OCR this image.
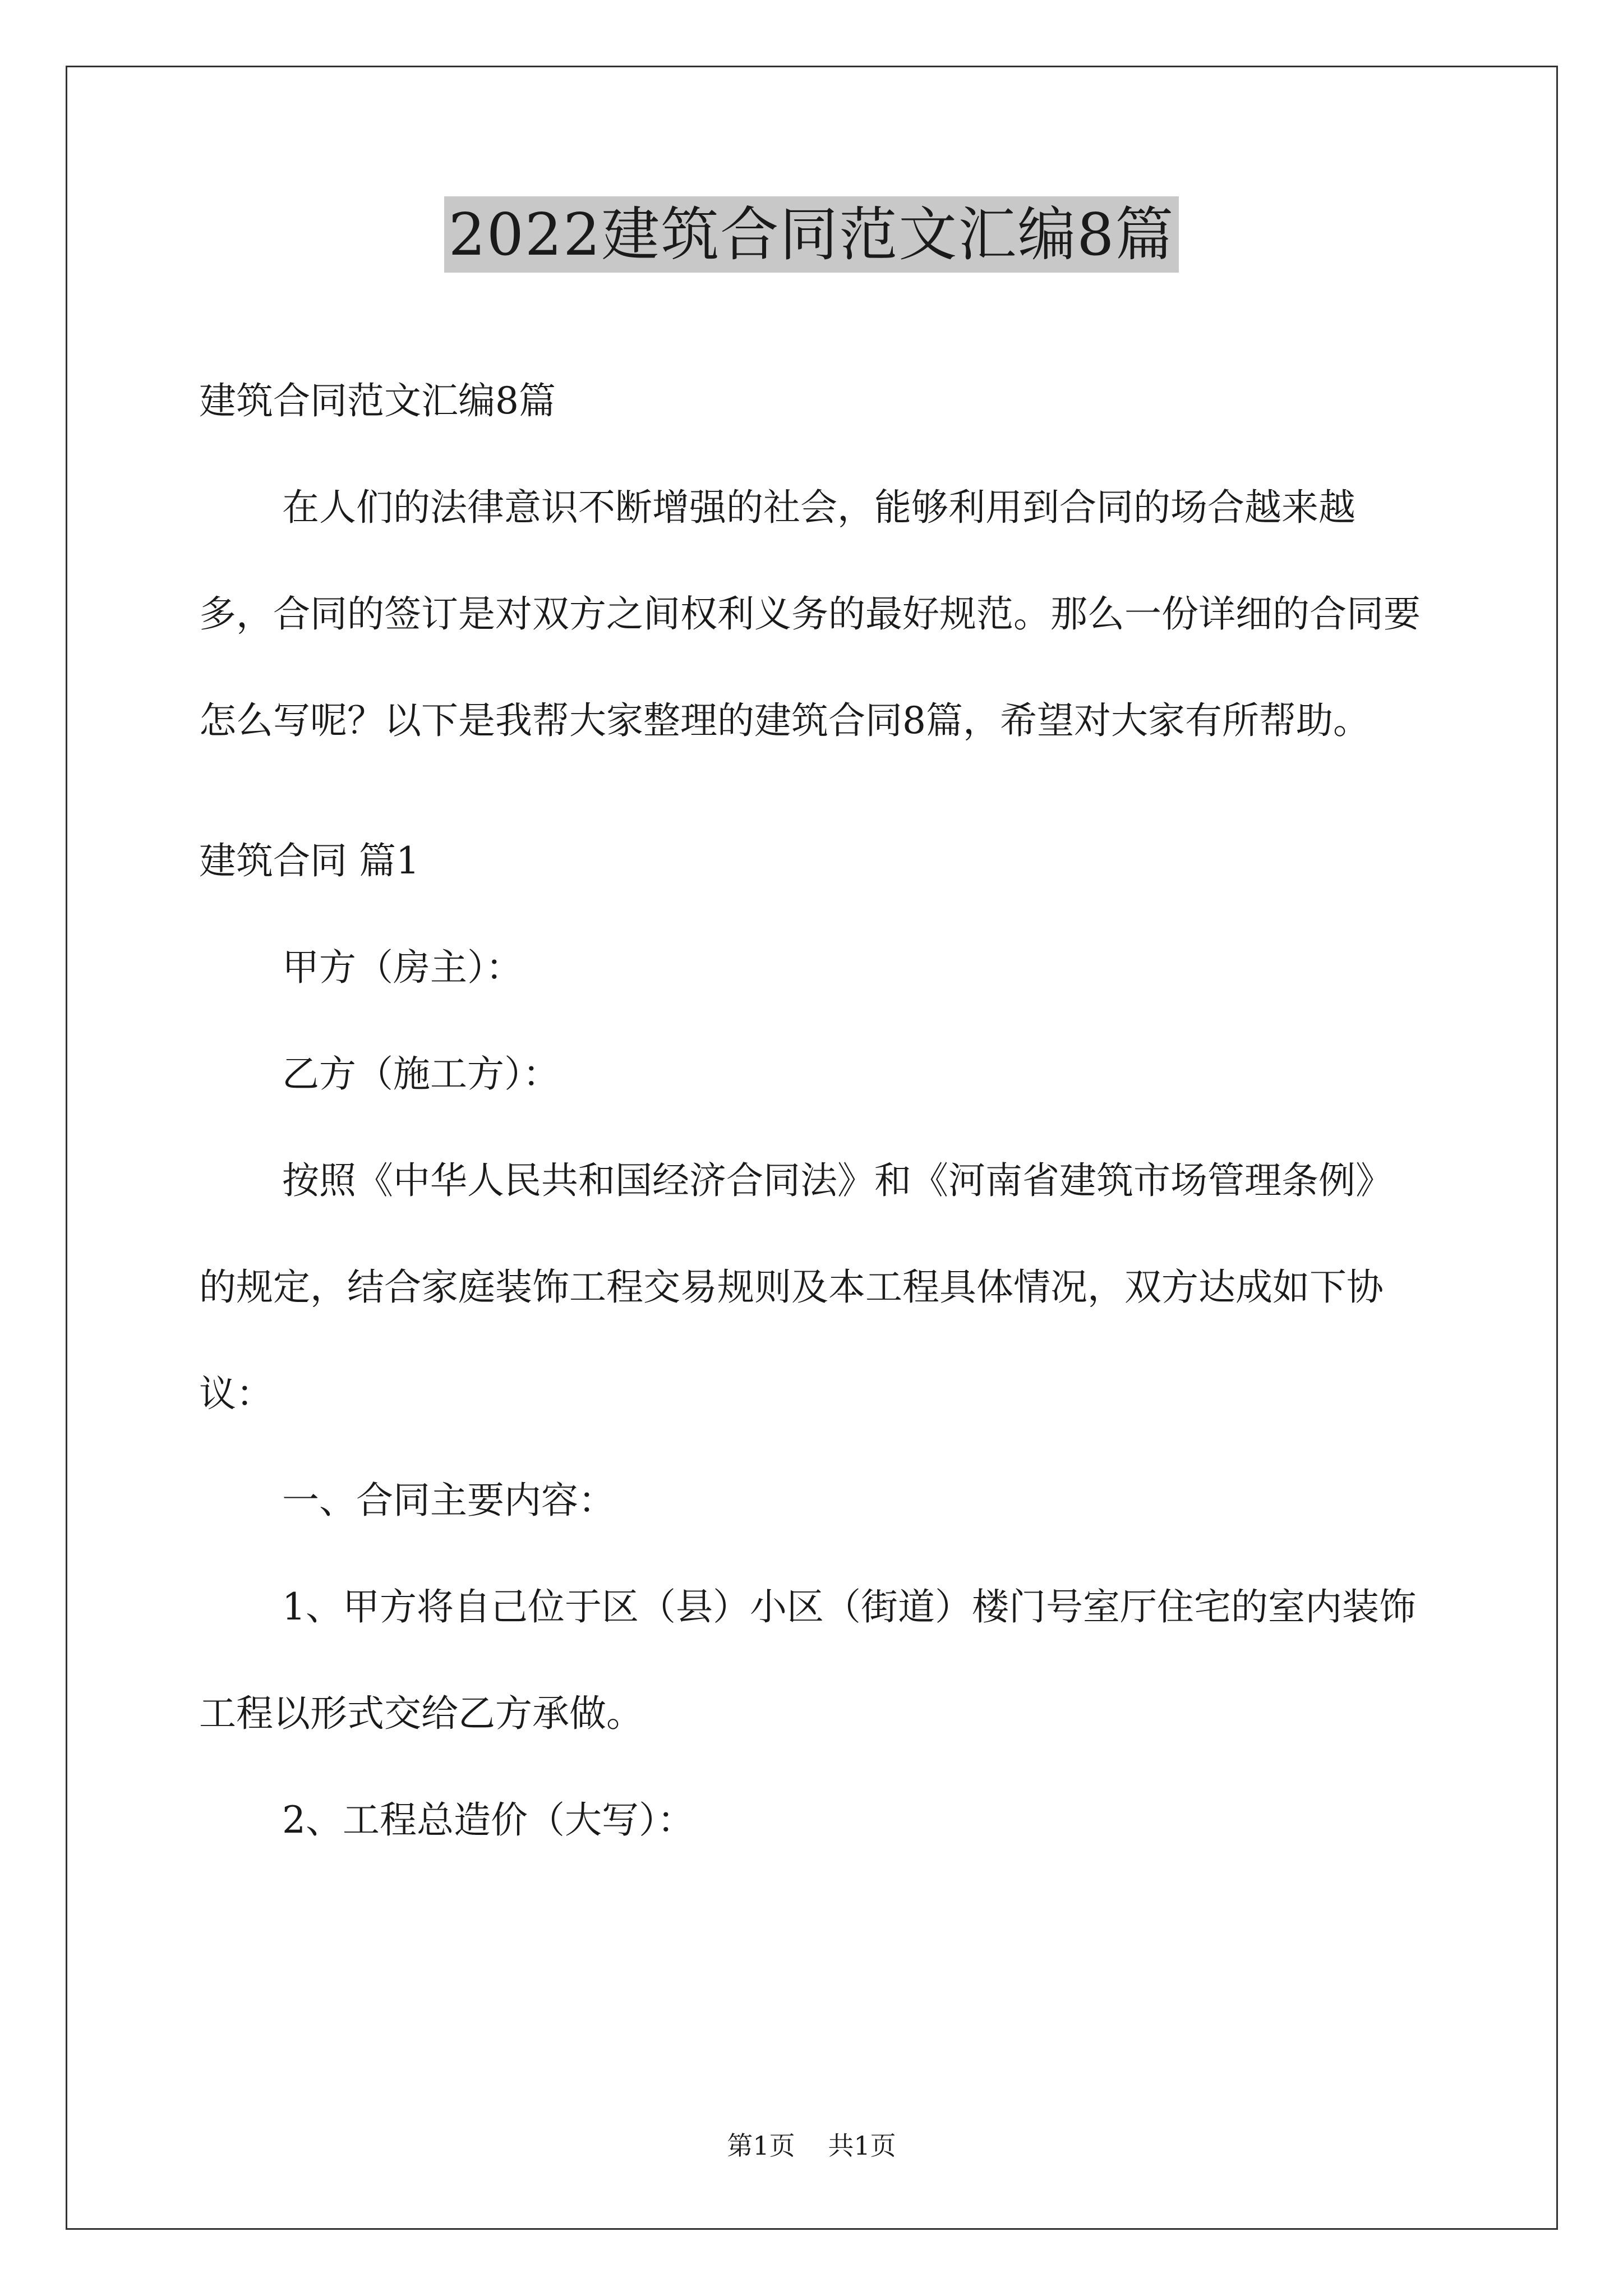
2022建筑合同范文汇编8篇

建筑合同范文汇编8篇

在人们的法律意识不断增强的社会，能够利用到合同的场合越来越多，合同的签订是对双方之间权利义务的最好规范。那么一份详细的合同要怎么写呢？以下是我帮大家整理的建筑合同8篇，希望对大家有所帮助。

建筑合同 篇1

甲方（房主）：

乙方（施工方）：

按照《中华人民共和国经济合同法》和《河南省建筑市场管理条例》的规定，结合家庭装饰工程交易规则及本工程具体情况，双方达成如下协议：

一、合同主要内容：

1、甲方将自己位于区（县）小区（街道）楼门号室厅住宅的室内装饰工程以形式交给乙方承做。

2、工程总造价（大写）：

第1页 共1页
